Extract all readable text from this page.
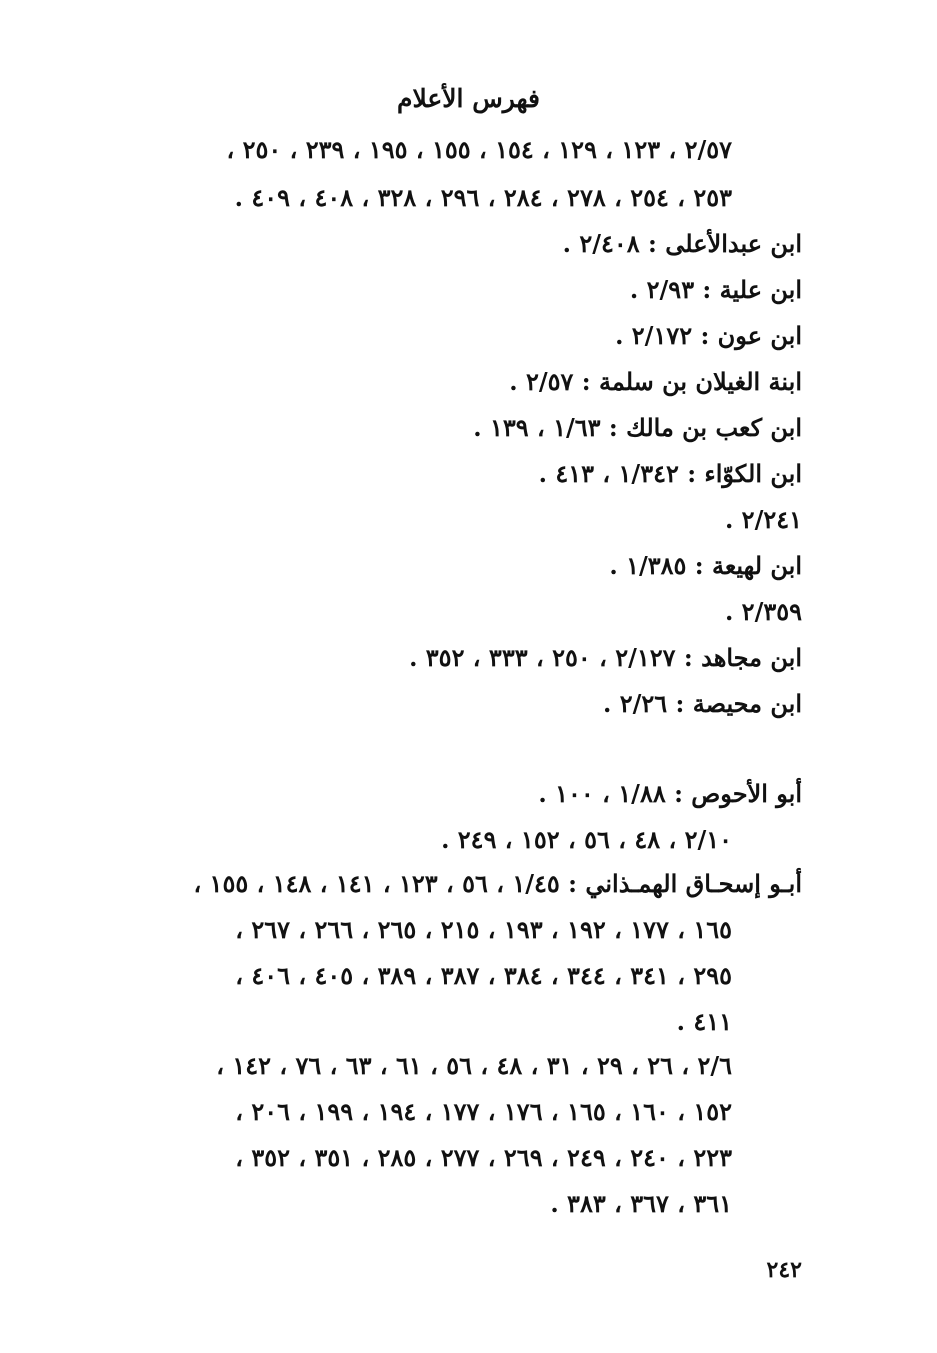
فهرس الأعلام
٢/٥٧ ، ١٢٣ ، ١٢٩ ، ١٥٤ ، ١٥٥ ، ١٩٥ ، ٢٣٩ ، ٢٥٠ ،
٢٥٣ ، ٢٥٤ ، ٢٧٨ ، ٢٨٤ ، ٢٩٦ ، ٣٢٨ ، ٤٠٨ ، ٤٠٩ .
ابن عبدالأعلى : ٢/٤٠٨ .
ابن علية : ٢/٩٣ .
ابن عون : ٢/١٧٢ .
ابنة الغيلان بن سلمة : ٢/٥٧ .
ابن كعب بن مالك : ١/٦٣ ، ١٣٩ .
ابن الكوّاء : ١/٣٤٢ ، ٤١٣ .
٢/٢٤١ .
ابن لهيعة : ١/٣٨٥ .
٢/٣٥٩ .
ابن مجاهد : ٢/١٢٧ ، ٢٥٠ ، ٣٣٣ ، ٣٥٢ .
ابن محيصة : ٢/٢٦ .
أبو الأحوص : ١/٨٨ ، ١٠٠ .
٢/١٠ ، ٤٨ ، ٥٦ ، ١٥٢ ، ٢٤٩ .
أبـو إسحـاق الهمـذاني : ١/٤٥ ، ٥٦ ، ١٢٣ ، ١٤١ ، ١٤٨ ، ١٥٥ ،
١٦٥ ، ١٧٧ ، ١٩٢ ، ١٩٣ ، ٢١٥ ، ٢٦٥ ، ٢٦٦ ، ٢٦٧ ،
٢٩٥ ، ٣٤١ ، ٣٤٤ ، ٣٨٤ ، ٣٨٧ ، ٣٨٩ ، ٤٠٥ ، ٤٠٦ ،
٤١١ .
٢/٦ ، ٢٦ ، ٢٩ ، ٣١ ، ٤٨ ، ٥٦ ، ٦١ ، ٦٣ ، ٧٦ ، ١٤٢ ،
١٥٢ ، ١٦٠ ، ١٦٥ ، ١٧٦ ، ١٧٧ ، ١٩٤ ، ١٩٩ ، ٢٠٦ ،
٢٢٣ ، ٢٤٠ ، ٢٤٩ ، ٢٦٩ ، ٢٧٧ ، ٢٨٥ ، ٣٥١ ، ٣٥٢ ،
٣٦١ ، ٣٦٧ ، ٣٨٣ .
٢٤٢
